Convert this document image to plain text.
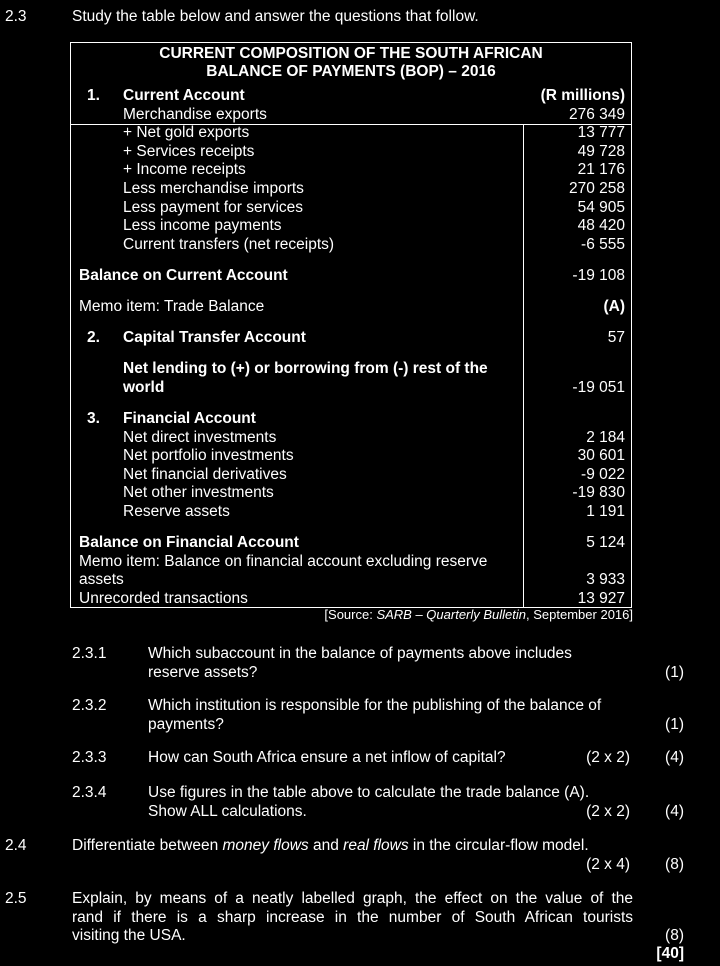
2.3	Study the table below and answer the questions that follow.
CURRENT COMPOSITION OF THE SOUTH AFRICAN
BALANCE OF PAYMENTS (BOP) – 2016
1. Current Account	(R millions)
Merchandise exports	276 349
+ Net gold exports	13 777
+ Services receipts	49 728
+ Income receipts	21 176
Less merchandise imports	270 258
Less payment for services	54 905
Less income payments	48 420
Current transfers (net receipts)	-6 555
Balance on Current Account	-19 108
Memo item: Trade Balance	(A)
2. Capital Transfer Account	57
Net lending to (+) or borrowing from (-) rest of the
world	-19 051
3. Financial Account
Net direct investments	2 184
Net portfolio investments	30 601
Net financial derivatives	-9 022
Net other investments	-19 830
Reserve assets	1 191
Balance on Financial Account	5 124
Memo item: Balance on financial account excluding reserve
assets	3 933
Unrecorded transactions	13 927
[Source: SARB – Quarterly Bulletin, September 2016]
2.3.1	Which subaccount in the balance of payments above includes
reserve assets?	(1)
2.3.2	Which institution is responsible for the publishing of the balance of
payments?	(1)
2.3.3	How can South Africa ensure a net inflow of capital?	(2 x 2) (4)
2.3.4	Use figures in the table above to calculate the trade balance (A).
Show ALL calculations.	(2 x 2) (4)
2.4	Differentiate between money flows and real flows in the circular-flow model.
(2 x 4) (8)
2.5	Explain, by means of a neatly labelled graph, the effect on the value of the
rand if there is a sharp increase in the number of South African tourists
visiting the USA.	(8)
[40]
